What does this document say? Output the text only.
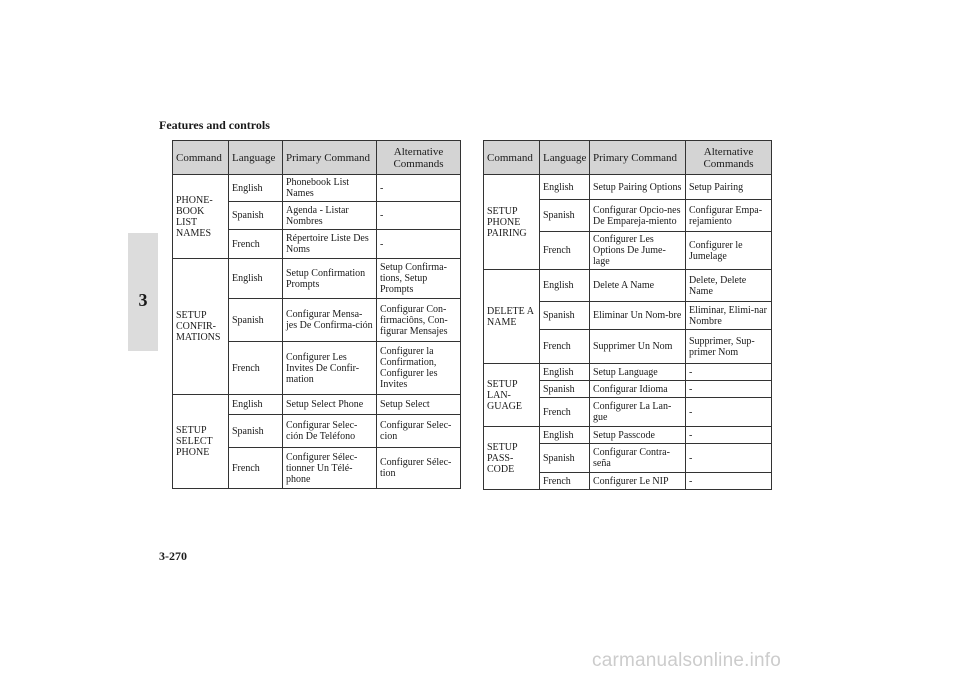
Features and controls
3
Command	Language	Primary Command	Alternative Commands
PHONE-BOOK LIST NAMES	English	Phonebook List Names	-
	Spanish	Agenda - Listar Nombres	-
	French	Répertoire Liste Des Noms	-
SETUP CONFIR-MATIONS	English	Setup Confirmation Prompts	Setup Confirma-tions, Setup Prompts
	Spanish	Configurar Mensa-jes De Confirma-ción	Configurar Con-firmaciôns, Con-figurar Mensajes
	French	Configurer Les Invites De Confir-mation	Configurer la Confirmation, Configurer les Invites
SETUP SELECT PHONE	English	Setup Select Phone	Setup Select
	Spanish	Configurar Selec-ción De Teléfono	Configurar Selec-cion
	French	Configurer Sélec-tionner Un Télé-phone	Configurer Sélec-tion
Command	Language	Primary Command	Alternative Commands
SETUP PHONE PAIRING	English	Setup Pairing Options	Setup Pairing
	Spanish	Configurar Opcio-nes De Empareja-miento	Configurar Empa-rejamiento
	French	Configurer Les Options De Jume-lage	Configurer le Jumelage
DELETE A NAME	English	Delete A Name	Delete, Delete Name
	Spanish	Eliminar Un Nom-bre	Eliminar, Elimi-nar Nombre
	French	Supprimer Un Nom	Supprimer, Sup-primer Nom
SETUP LAN-GUAGE	English	Setup Language	-
	Spanish	Configurar Idioma	-
	French	Configurer La Lan-gue	-
SETUP PASS-CODE	English	Setup Passcode	-
	Spanish	Configurar Contra-seña	-
	French	Configurer Le NIP	-
3-270
carmanualsonline.info
